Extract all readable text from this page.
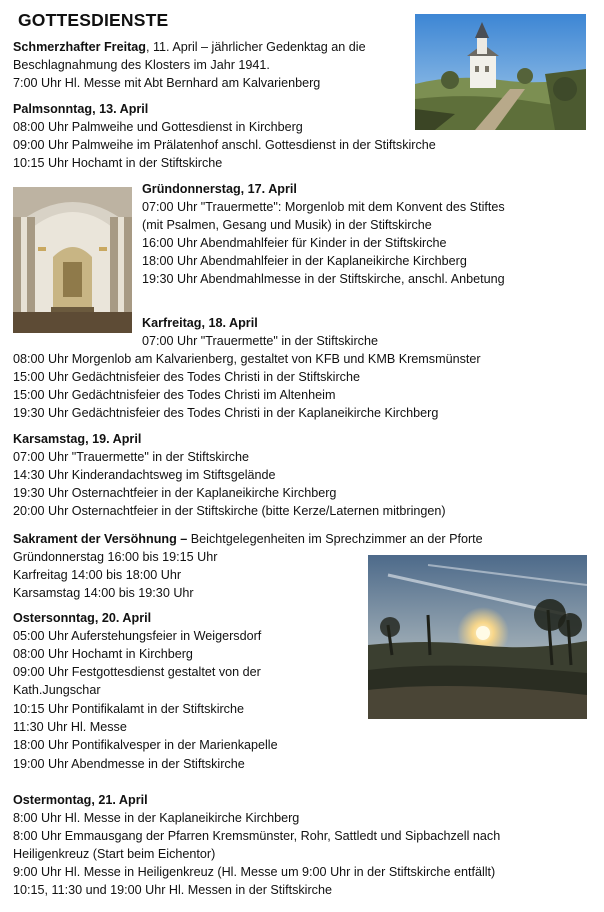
GOTTESDIENSTE
Schmerzhafter Freitag, 11. April – jährlicher Gedenktag an die
Beschlagnahmung des Klosters im Jahr 1941.
7:00 Uhr Hl. Messe mit Abt Bernhard am Kalvarienberg
Palmsonntag, 13. April
08:00 Uhr Palmweihe und Gottesdienst in Kirchberg
09:00 Uhr Palmweihe im Prälatenhof anschl. Gottesdienst in der Stiftskirche
10:15 Uhr Hochamt in der Stiftskirche
Gründonnerstag, 17. April
07:00 Uhr "Trauermette": Morgenlob mit dem Konvent des Stiftes
(mit Psalmen, Gesang und Musik) in der Stiftskirche
16:00 Uhr Abendmahlfeier für Kinder in der Stiftskirche
18:00 Uhr Abendmahlfeier in der Kaplaneikirche Kirchberg
19:30 Uhr Abendmahlmesse in der Stiftskirche, anschl. Anbetung
Karfreitag, 18. April
07:00 Uhr "Trauermette" in der Stiftskirche
08:00 Uhr Morgenlob am Kalvarienberg, gestaltet von KFB und KMB Kremsmünster
15:00 Uhr Gedächtnisfeier des Todes Christi in der Stiftskirche
15:00 Uhr Gedächtnisfeier des Todes Christi im Altenheim
19:30 Uhr Gedächtnisfeier des Todes Christi in der Kaplaneikirche Kirchberg
Karsamstag, 19. April
07:00 Uhr "Trauermette" in der Stiftskirche
14:30 Uhr Kinderandachtsweg im Stiftsgelände
19:30 Uhr Osternachtfeier in der Kaplaneikirche Kirchberg
20:00 Uhr Osternachtfeier in der Stiftskirche (bitte Kerze/Laternen mitbringen)
Sakrament der Versöhnung – Beichtgelegenheiten im Sprechzimmer an der Pforte
Gründonnerstag 16:00 bis 19:15 Uhr
Karfreitag 14:00 bis 18:00 Uhr
Karsamstag 14:00 bis 19:30 Uhr
Ostersonntag, 20. April
05:00 Uhr Auferstehungsfeier in Weigersdorf
08:00 Uhr Hochamt in Kirchberg
09:00 Uhr Festgottesdienst gestaltet von der
Kath.Jungschar
10:15 Uhr Pontifikalamt in der Stiftskirche
11:30 Uhr Hl. Messe
18:00 Uhr Pontifikalvesper in der Marienkapelle
19:00 Uhr Abendmesse in der Stiftskirche
Ostermontag, 21. April
8:00 Uhr Hl. Messe in der Kaplaneikirche Kirchberg
8:00 Uhr Emmausgang der Pfarren Kremsmünster, Rohr, Sattledt und Sipbachzell nach
Heiligenkreuz (Start beim Eichentor)
9:00 Uhr Hl. Messe in Heiligenkreuz (Hl. Messe um 9:00 Uhr in der Stiftskirche entfällt)
10:15, 11:30 und 19:00 Uhr Hl. Messen in der Stiftskirche
